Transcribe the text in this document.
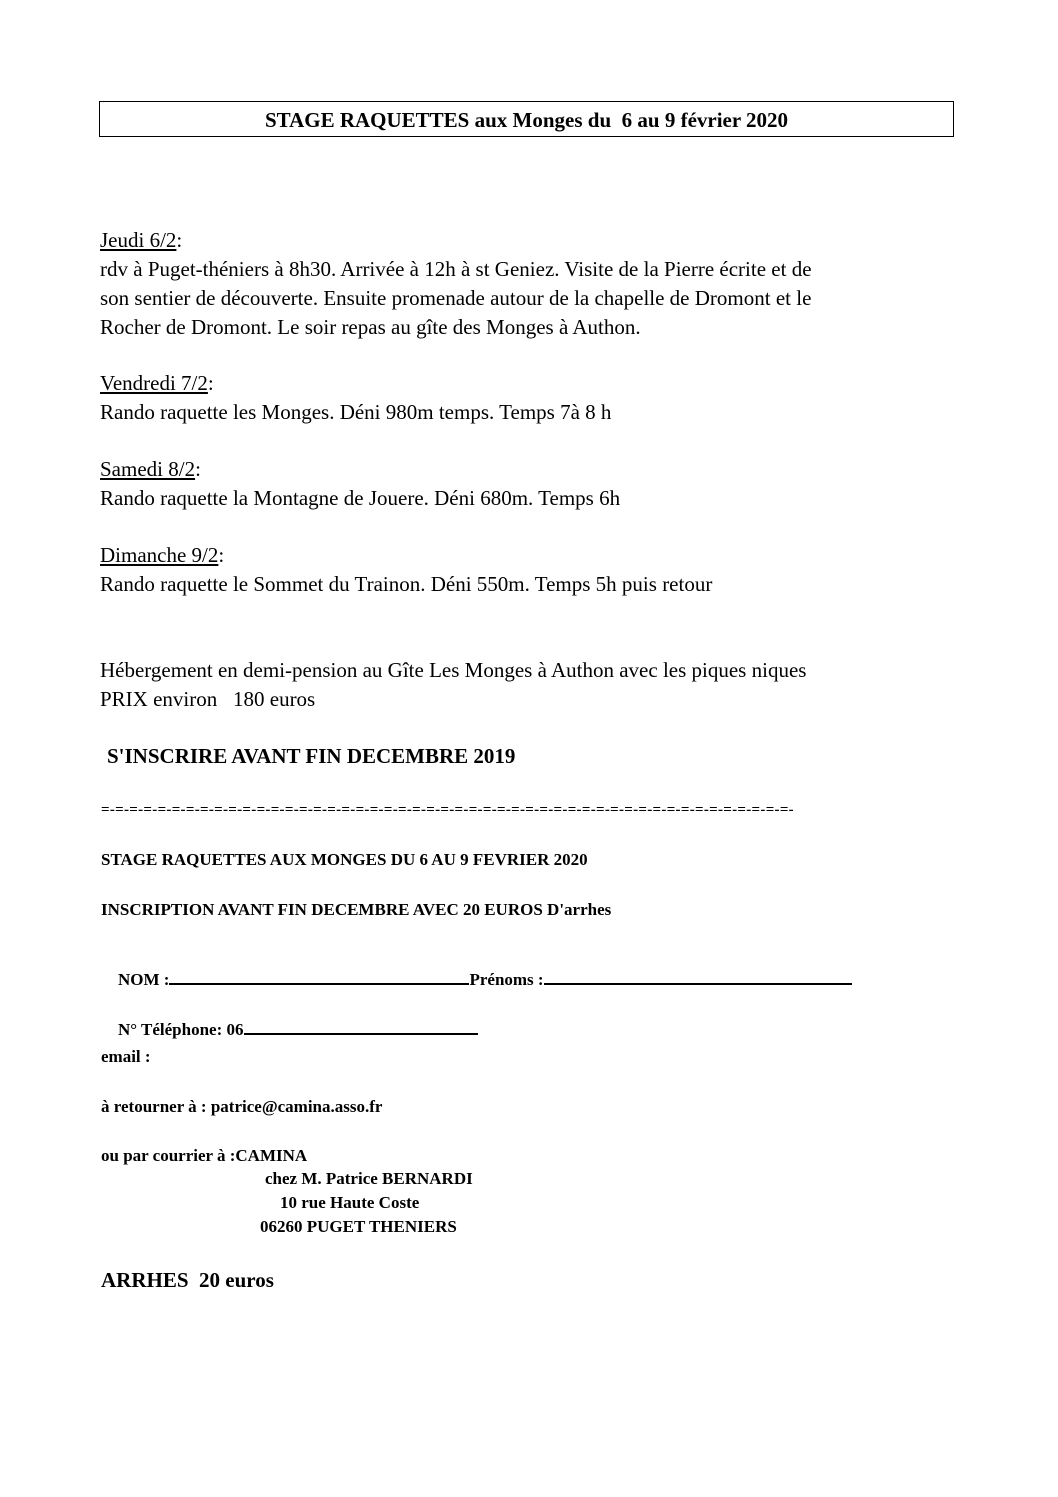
STAGE RAQUETTES aux Monges du  6 au 9 février 2020

Jeudi 6/2:

rdv à Puget-théniers à 8h30. Arrivée à 12h à st Geniez. Visite de la Pierre écrite et de

son sentier de découverte. Ensuite promenade autour de la chapelle de Dromont et le

Rocher de Dromont. Le soir repas au gîte des Monges à Authon.

Vendredi 7/2:

Rando raquette les Monges. Déni 980m temps. Temps 7à 8 h

Samedi 8/2:

Rando raquette la Montagne de Jouere. Déni 680m. Temps 6h

Dimanche 9/2:

Rando raquette le Sommet du Trainon. Déni 550m. Temps 5h puis retour

Hébergement en demi-pension au Gîte Les Monges à Authon avec les piques niques

PRIX environ   180 euros

S'INSCRIRE AVANT FIN DECEMBRE 2019
=-=-=-=-=-=-=-=-=-=-=-=-=-=-=-=-=-=-=-=-=-=-=-=-=-=-=-=-=-=-=-=-=-=-=-=-=-=-=-=-=-=-=-=-=-=-=-=-=-
STAGE RAQUETTES AUX MONGES DU 6 AU 9 FEVRIER 2020
INSCRIPTION AVANT FIN DECEMBRE AVEC 20 EUROS D'arrhes

NOM :	Prénoms :

N° Téléphone: 06

email :
à retourner à : patrice@camina.asso.fr
ou par courrier à :CAMINA
chez M. Patrice BERNARDI
10 rue Haute Coste
06260 PUGET THENIERS
ARRHES  20 euros
